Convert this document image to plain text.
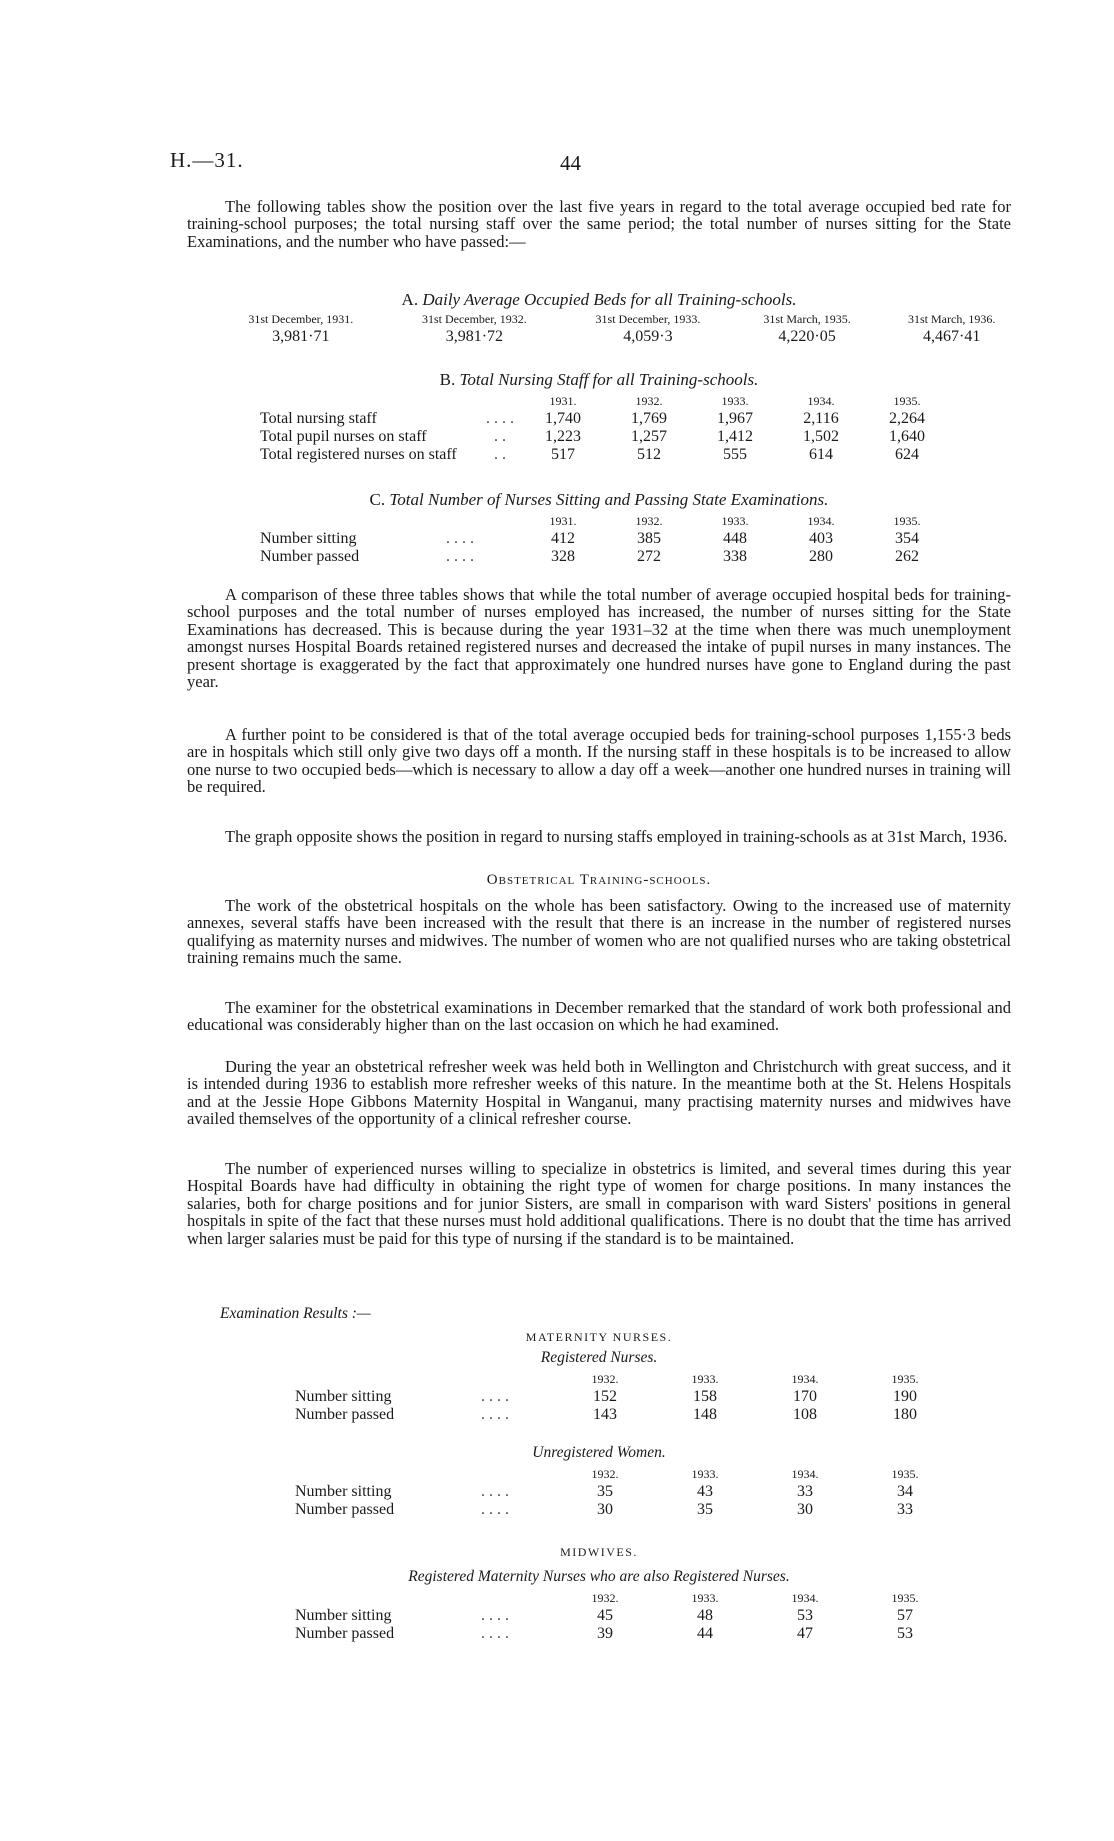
H.—31.	44

The following tables show the position over the last five years in regard to the total average occupied bed rate for training-school purposes; the total nursing staff over the same period; the total number of nurses sitting for the State Examinations, and the number who have passed:—

A. Daily Average Occupied Beds for all Training-schools.
31st December, 1931.	31st December, 1932.	31st December, 1933.	31st March, 1935.	31st March, 1936.
3,981·71	3,981·72	4,059·3	4,220·05	4,467·41
B. Total Nursing Staff for all Training-schools.
		1931.	1932.	1933.	1934.	1935.
Total nursing staff	. . . .	1,740	1,769	1,967	2,116	2,264
Total pupil nurses on staff	. .	1,223	1,257	1,412	1,502	1,640
Total registered nurses on staff	. .	517	512	555	614	624
C. Total Number of Nurses Sitting and Passing State Examinations.
		1931.	1932.	1933.	1934.	1935.
Number sitting	. . . .	412	385	448	403	354
Number passed	. . . .	328	272	338	280	262

A comparison of these three tables shows that while the total number of average occupied hospital beds for training-school purposes and the total number of nurses employed has increased, the number of nurses sitting for the State Examinations has decreased. This is because during the year 1931–32 at the time when there was much unemployment amongst nurses Hospital Boards retained registered nurses and decreased the intake of pupil nurses in many instances. The present shortage is exaggerated by the fact that approximately one hundred nurses have gone to England during the past year.

A further point to be considered is that of the total average occupied beds for training-school purposes 1,155·3 beds are in hospitals which still only give two days off a month. If the nursing staff in these hospitals is to be increased to allow one nurse to two occupied beds—which is necessary to allow a day off a week—another one hundred nurses in training will be required.

The graph opposite shows the position in regard to nursing staffs employed in training-schools as at 31st March, 1936.

Obstetrical Training-schools.

The work of the obstetrical hospitals on the whole has been satisfactory. Owing to the increased use of maternity annexes, several staffs have been increased with the result that there is an increase in the number of registered nurses qualifying as maternity nurses and midwives. The number of women who are not qualified nurses who are taking obstetrical training remains much the same.

The examiner for the obstetrical examinations in December remarked that the standard of work both professional and educational was considerably higher than on the last occasion on which he had examined.

During the year an obstetrical refresher week was held both in Wellington and Christchurch with great success, and it is intended during 1936 to establish more refresher weeks of this nature. In the meantime both at the St. Helens Hospitals and at the Jessie Hope Gibbons Maternity Hospital in Wanganui, many practising maternity nurses and midwives have availed themselves of the opportunity of a clinical refresher course.

The number of experienced nurses willing to specialize in obstetrics is limited, and several times during this year Hospital Boards have had difficulty in obtaining the right type of women for charge positions. In many instances the salaries, both for charge positions and for junior Sisters, are small in comparison with ward Sisters' positions in general hospitals in spite of the fact that these nurses must hold additional qualifications. There is no doubt that the time has arrived when larger salaries must be paid for this type of nursing if the standard is to be maintained.

Examination Results :—
MATERNITY NURSES.
Registered Nurses.
		1932.	1933.	1934.	1935.
Number sitting	. . . .	152	158	170	190
Number passed	. . . .	143	148	108	180
Unregistered Women.
		1932.	1933.	1934.	1935.
Number sitting	. . . .	35	43	33	34
Number passed	. . . .	30	35	30	33
MIDWIVES.
Registered Maternity Nurses who are also Registered Nurses.
		1932.	1933.	1934.	1935.
Number sitting	. . . .	45	48	53	57
Number passed	. . . .	39	44	47	53
